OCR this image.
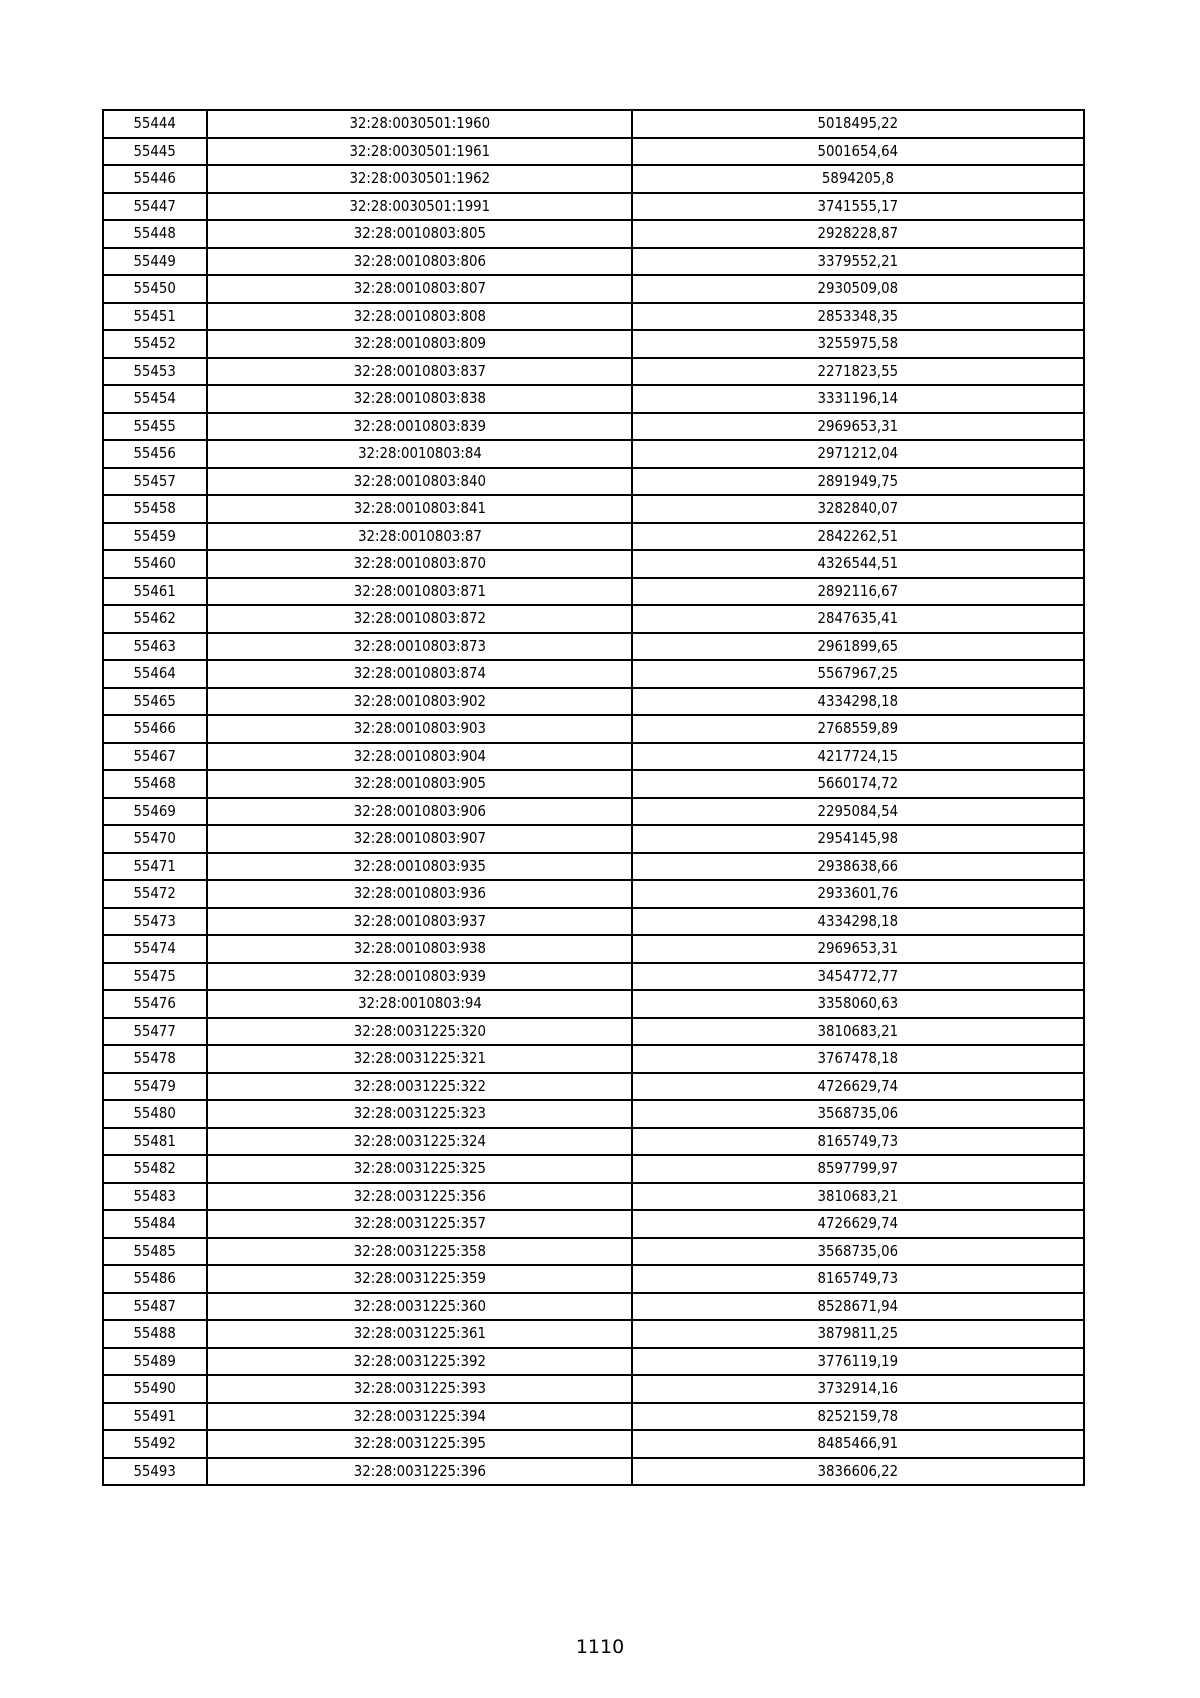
55444	32:28:0030501:1960	5018495,22
55445	32:28:0030501:1961	5001654,64
55446	32:28:0030501:1962	5894205,8
55447	32:28:0030501:1991	3741555,17
55448	32:28:0010803:805	2928228,87
55449	32:28:0010803:806	3379552,21
55450	32:28:0010803:807	2930509,08
55451	32:28:0010803:808	2853348,35
55452	32:28:0010803:809	3255975,58
55453	32:28:0010803:837	2271823,55
55454	32:28:0010803:838	3331196,14
55455	32:28:0010803:839	2969653,31
55456	32:28:0010803:84	2971212,04
55457	32:28:0010803:840	2891949,75
55458	32:28:0010803:841	3282840,07
55459	32:28:0010803:87	2842262,51
55460	32:28:0010803:870	4326544,51
55461	32:28:0010803:871	2892116,67
55462	32:28:0010803:872	2847635,41
55463	32:28:0010803:873	2961899,65
55464	32:28:0010803:874	5567967,25
55465	32:28:0010803:902	4334298,18
55466	32:28:0010803:903	2768559,89
55467	32:28:0010803:904	4217724,15
55468	32:28:0010803:905	5660174,72
55469	32:28:0010803:906	2295084,54
55470	32:28:0010803:907	2954145,98
55471	32:28:0010803:935	2938638,66
55472	32:28:0010803:936	2933601,76
55473	32:28:0010803:937	4334298,18
55474	32:28:0010803:938	2969653,31
55475	32:28:0010803:939	3454772,77
55476	32:28:0010803:94	3358060,63
55477	32:28:0031225:320	3810683,21
55478	32:28:0031225:321	3767478,18
55479	32:28:0031225:322	4726629,74
55480	32:28:0031225:323	3568735,06
55481	32:28:0031225:324	8165749,73
55482	32:28:0031225:325	8597799,97
55483	32:28:0031225:356	3810683,21
55484	32:28:0031225:357	4726629,74
55485	32:28:0031225:358	3568735,06
55486	32:28:0031225:359	8165749,73
55487	32:28:0031225:360	8528671,94
55488	32:28:0031225:361	3879811,25
55489	32:28:0031225:392	3776119,19
55490	32:28:0031225:393	3732914,16
55491	32:28:0031225:394	8252159,78
55492	32:28:0031225:395	8485466,91
55493	32:28:0031225:396	3836606,22
1110
